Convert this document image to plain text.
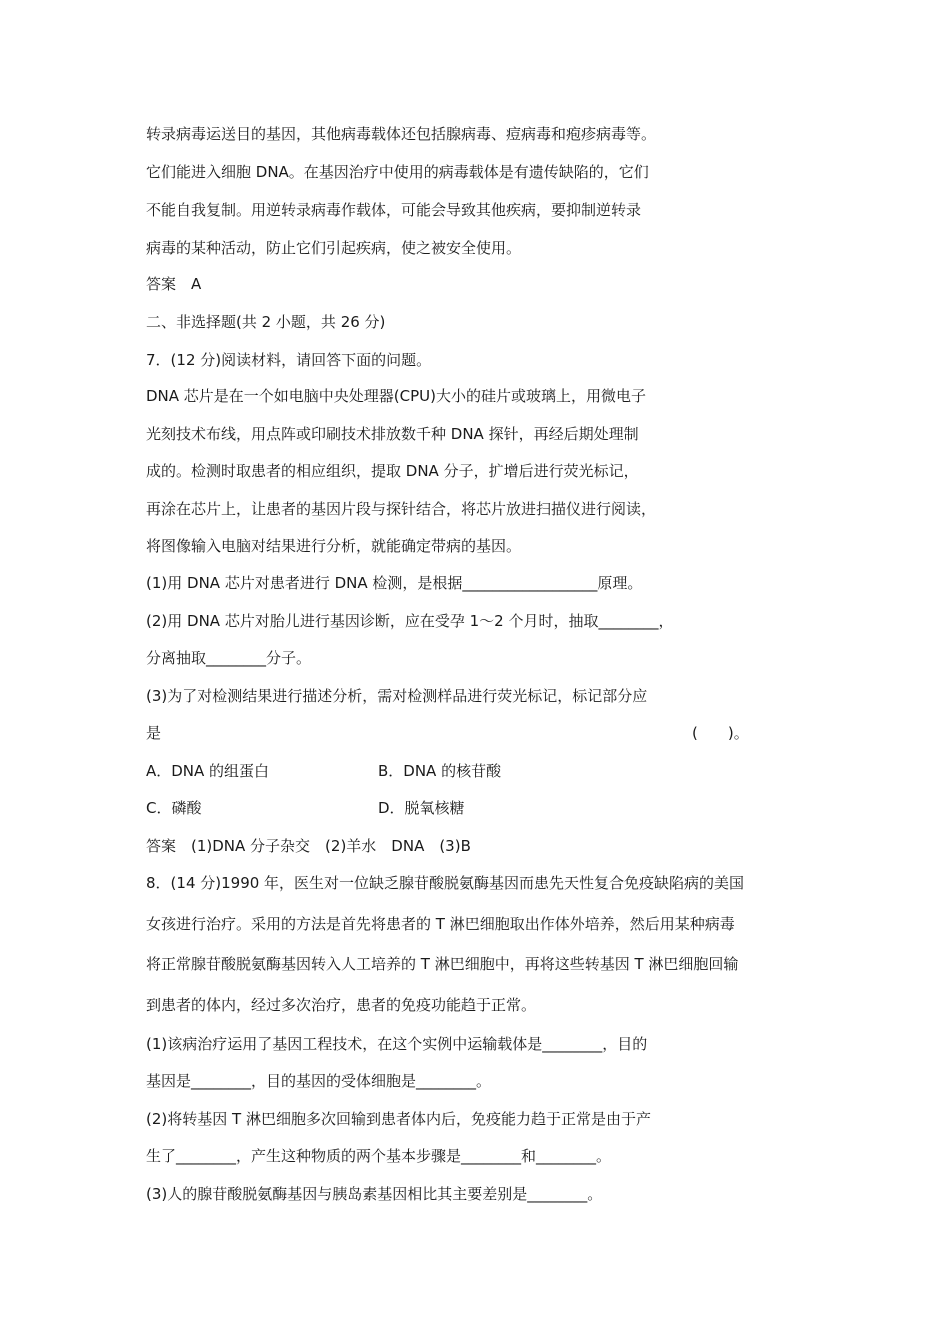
转录病毒运送目的基因，其他病毒载体还包括腺病毒、痘病毒和疱疹病毒等。
它们能进入细胞 DNA。在基因治疗中使用的病毒载体是有遗传缺陷的，它们
不能自我复制。用逆转录病毒作载体，可能会导致其他疾病，要抑制逆转录
病毒的某种活动，防止它们引起疾病，使之被安全使用。
答案　A
二、非选择题(共 2 小题，共 26 分)
7．(12 分)阅读材料，请回答下面的问题。
DNA 芯片是在一个如电脑中央处理器(CPU)大小的硅片或玻璃上，用微电子
光刻技术布线，用点阵或印刷技术排放数千种 DNA 探针，再经后期处理制
成的。检测时取患者的相应组织，提取 DNA 分子，扩增后进行荧光标记，
再涂在芯片上，让患者的基因片段与探针结合，将芯片放进扫描仪进行阅读，
将图像输入电脑对结果进行分析，就能确定带病的基因。
(1)用 DNA 芯片对患者进行 DNA 检测，是根据__________________原理。
(2)用 DNA 芯片对胎儿进行基因诊断，应在受孕 1～2 个月时，抽取________，
分离抽取________分子。
(3)为了对检测结果进行描述分析，需对检测样品进行荧光标记，标记部分应
是	(　　)。
A．DNA 的组蛋白	B．DNA 的核苷酸
C．磷酸	D．脱氧核糖
答案　(1)DNA 分子杂交　(2)羊水　DNA　(3)B
8．(14 分)1990 年，医生对一位缺乏腺苷酸脱氨酶基因而患先天性复合免疫缺陷病的美国
女孩进行治疗。采用的方法是首先将患者的 T 淋巴细胞取出作体外培养，然后用某种病毒
将正常腺苷酸脱氨酶基因转入人工培养的 T 淋巴细胞中，再将这些转基因 T 淋巴细胞回输
到患者的体内，经过多次治疗，患者的免疫功能趋于正常。
(1)该病治疗运用了基因工程技术，在这个实例中运输载体是________，目的
基因是________，目的基因的受体细胞是________。
(2)将转基因 T 淋巴细胞多次回输到患者体内后，免疫能力趋于正常是由于产
生了________，产生这种物质的两个基本步骤是________和________。
(3)人的腺苷酸脱氨酶基因与胰岛素基因相比其主要差别是________。
